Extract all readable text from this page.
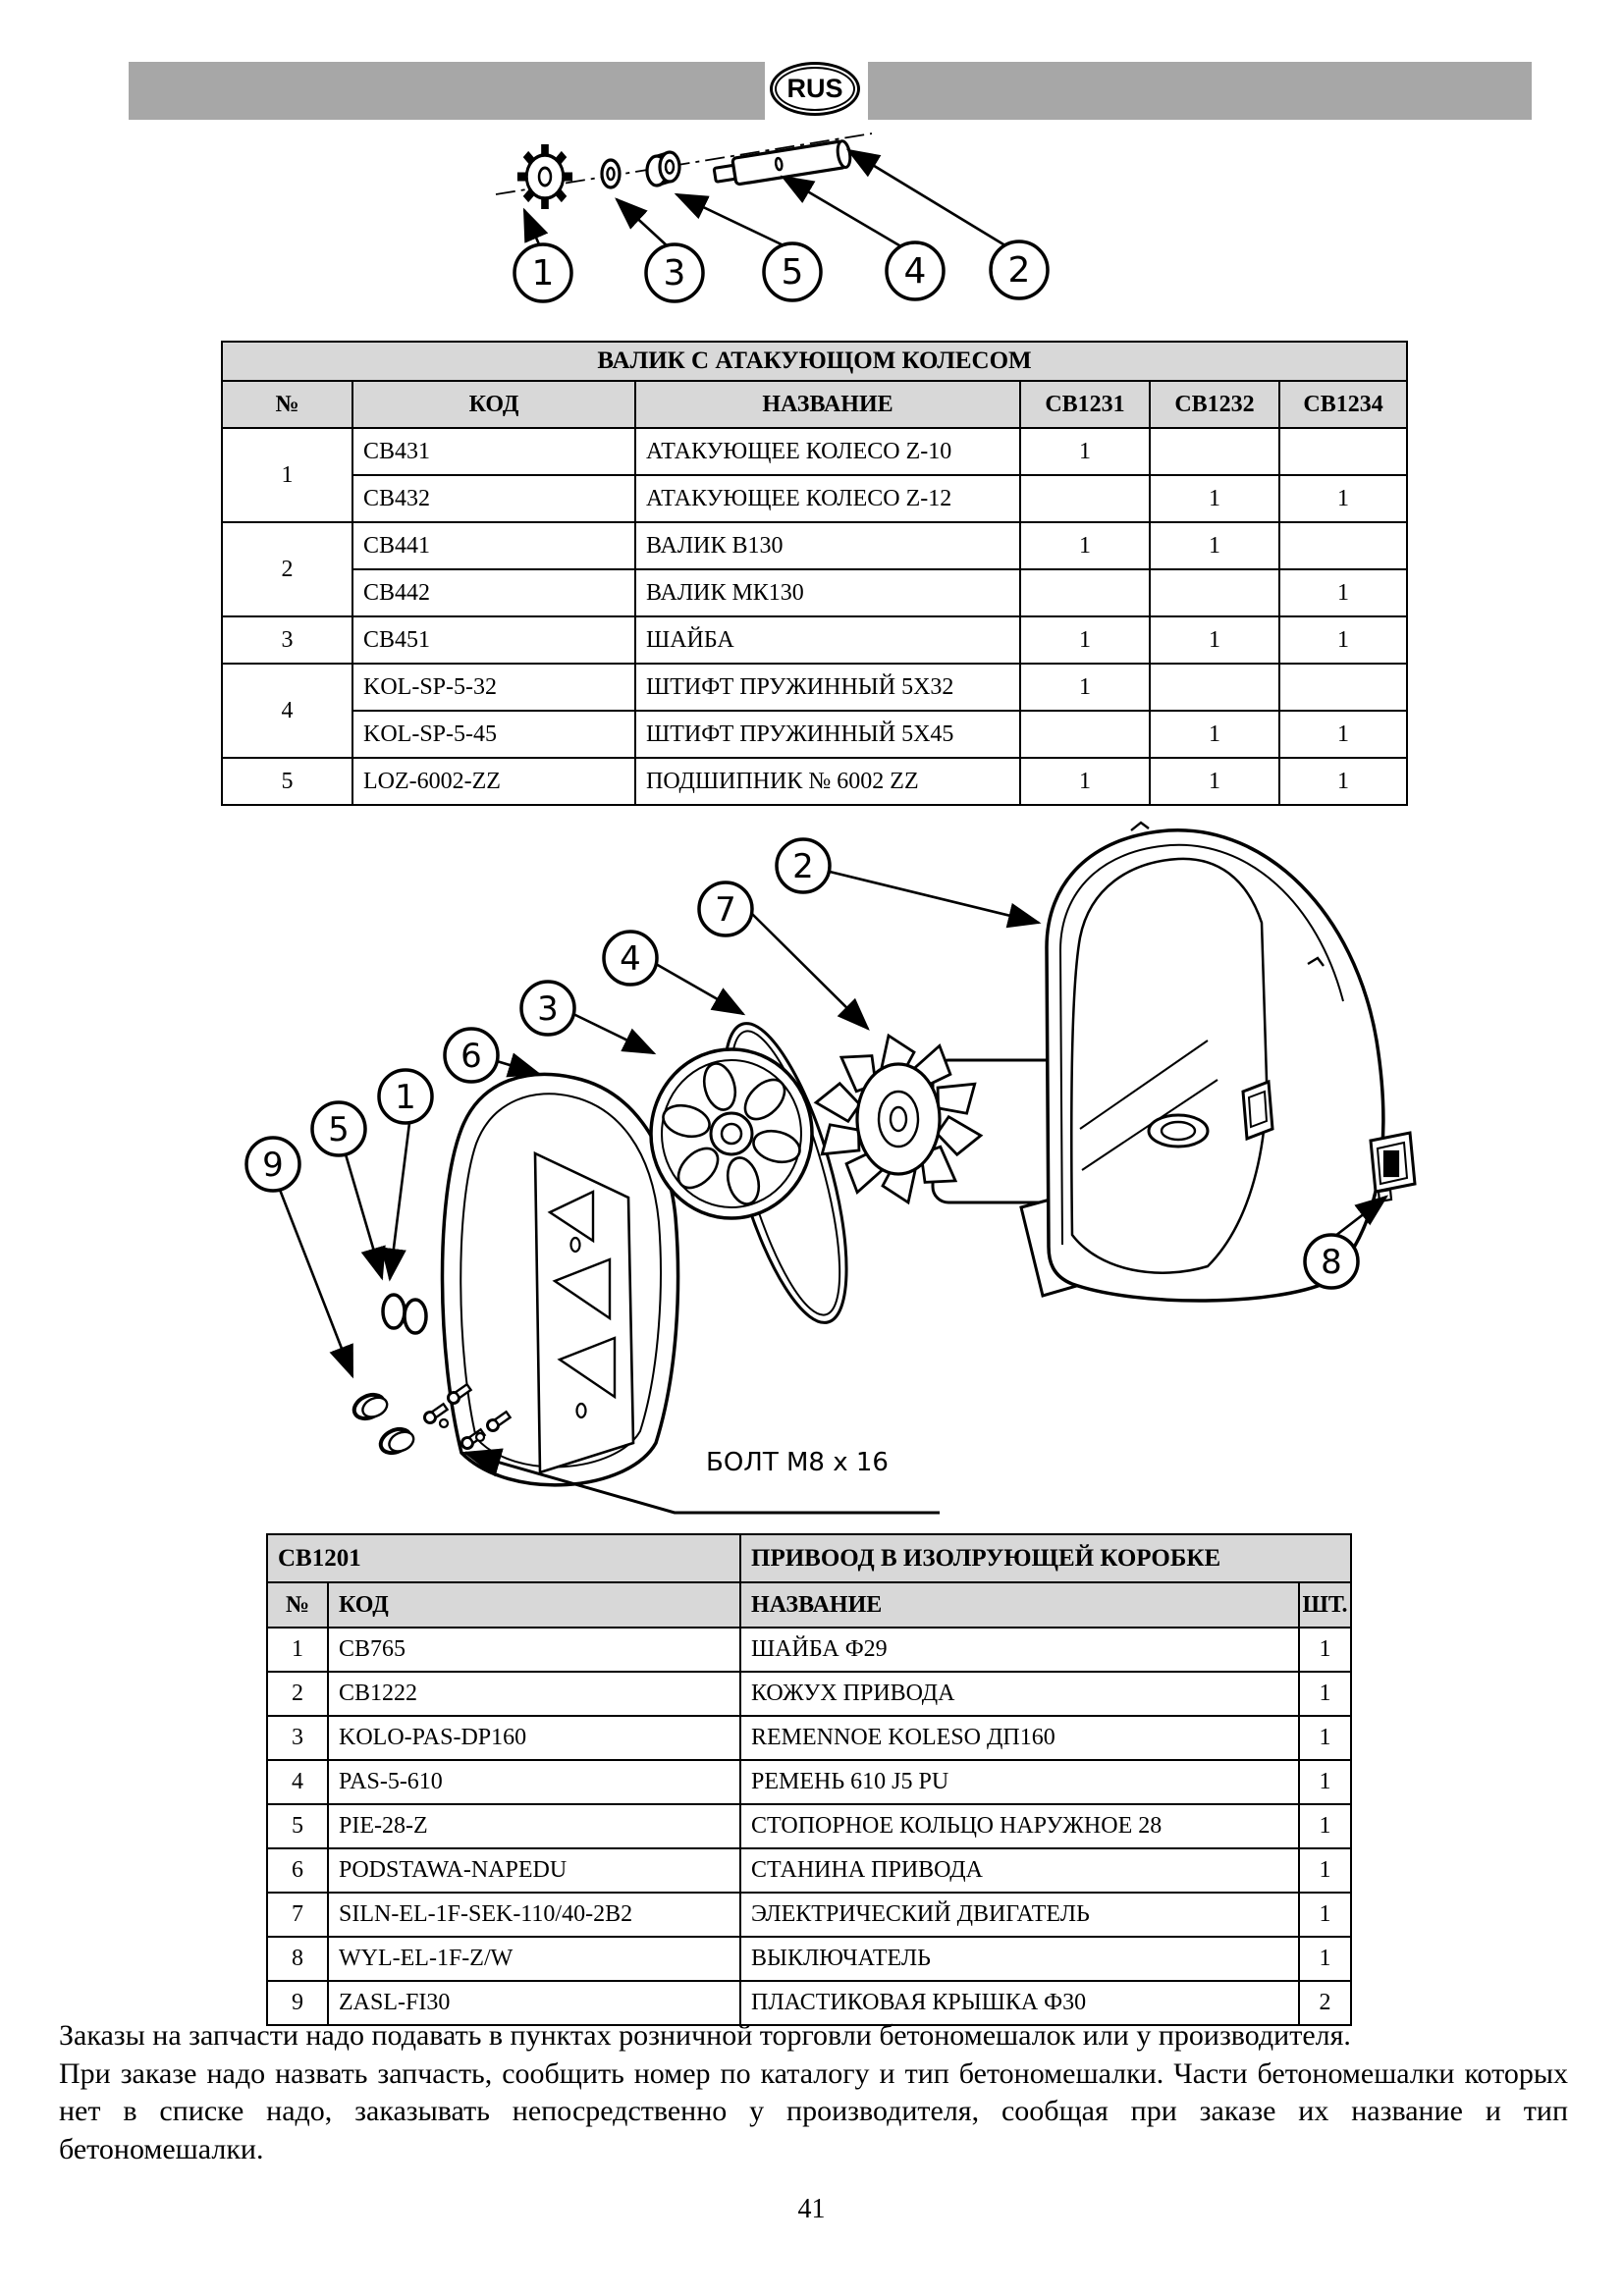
RUS
1	3	5	4 2
ВАЛИК С АТАКУЮЩОМ КОЛЕСОМ					
№	КОД	НАЗВАНИЕ	СВ1231	СВ1232	СВ1234
1	CB431	АТАКУЮЩЕЕ КОЛЕСО Z-10	1		
	CB432	АТАКУЮЩЕЕ КОЛЕСО Z-12		1	1
2	CB441	ВАЛИК В130	1	1	
	CB442	ВАЛИК МК130			1
3	CB451	ШАЙБА	1	1	1
4	KOL-SP-5-32	ШТИФТ ПРУЖИННЫЙ 5Х32	1		
	KOL-SP-5-45	ШТИФТ ПРУЖИННЫЙ 5Х45		1	1
5	LOZ-6002-ZZ	ПОДШИПНИК № 6002 ZZ	1	1	1
БОЛТ M8 x 16
2
7
4
3
6
1
5
9
8
СВ1201		ПРИВООД В ИЗОЛРУЮЩЕЙ КОРОБКЕ	
№	КОД	НАЗВАНИЕ	ШТ.
1	CB765	ШАЙБА Ф29	1
2	CB1222	КОЖУХ ПРИВОДА	1
3	KOLO-PAS-DP160	REMENNOE KOLESO ДП160	1
4	PAS-5-610	РЕМЕНЬ 610 J5 PU	1
5	PIE-28-Z	СТОПОРНОЕ КОЛЬЦО НАРУЖНОЕ 28	1
6	PODSTAWA-NAPEDU	СТАНИНА ПРИВОДА	1
7	SILN-EL-1F-SEK-110/40-2B2	ЭЛЕКТРИЧЕСКИЙ ДВИГАТЕЛЬ	1
8	WYL-EL-1F-Z/W	ВЫКЛЮЧАТЕЛЬ	1
9	ZASL-FI30	ПЛАСТИКОВАЯ КРЫШКА Ф30	2

Заказы на запчасти надо подавать в пунктах розничной торговли бетономешалок или у производителя.

При заказе надо назвать запчасть, сообщить номер по каталогу и тип бетономешалки. Части бетономешалки которых нет в списке надо, заказывать непосредственно у производителя, сообщая при заказе их название и тип бетономешалки.

41
